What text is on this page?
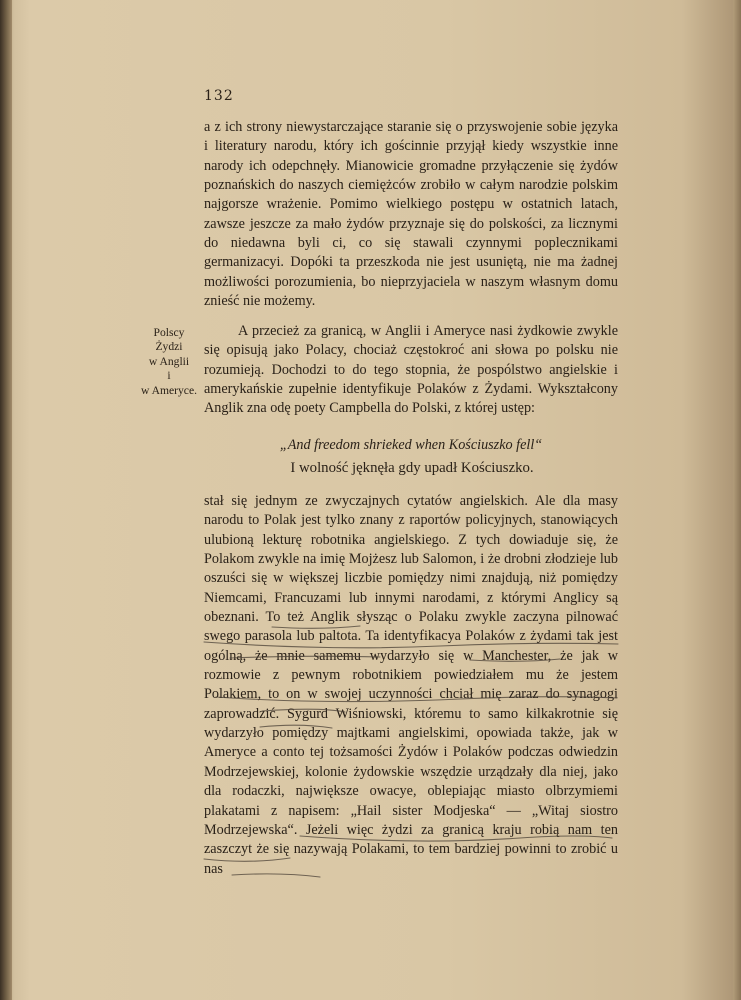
132
Polscy
Żydzi
w Anglii
i
w Ameryce.
a z ich strony niewystarczające staranie się o przyswojenie sobie języka i literatury narodu, który ich gościnnie przyjął kiedy wszystkie inne narody ich odepchnęły. Mianowicie gromadne przyłączenie się żydów poznańskich do naszych ciemiężców zrobiło w całym narodzie polskim najgorsze wrażenie. Pomimo wielkiego postępu w ostatnich latach, zawsze jeszcze za mało żydów przyznaje się do polskości, za licznymi do niedawna byli ci, co się stawali czynnymi poplecznikami germanizacyi. Dopóki ta przeszkoda nie jest usuniętą, nie ma żadnej możliwości porozumienia, bo nieprzyjaciela w naszym własnym domu znieść nie możemy.
A przecież za granicą, w Anglii i Ameryce nasi żydkowie zwykle się opisują jako Polacy, chociaż częstokroć ani słowa po polsku nie rozumieją. Dochodzi to do tego stopnia, że pospólstwo angielskie i amerykańskie zupełnie identyfikuje Polaków z Żydami. Wykształcony Anglik zna odę poety Campbella do Polski, z której ustęp:
„And freedom shrieked when Kościuszko fell“
I wolność jęknęła gdy upadł Kościuszko.
stał się jednym ze zwyczajnych cytatów angielskich. Ale dla masy narodu to Polak jest tylko znany z raportów policyjnych, stanowiących ulubioną lekturę robotnika angielskiego. Z tych dowiaduje się, że Polakom zwykle na imię Mojżesz lub Salomon, i że drobni złodzieje lub oszuści się w większej liczbie pomiędzy nimi znajdują, niż pomiędzy Niemcami, Francuzami lub innymi narodami, z którymi Anglicy są obeznani. To też Anglik słysząc o Polaku zwykle zaczyna pilnować swego parasola lub paltota. Ta identyfikacya Polaków z żydami tak jest ogólną, że mnie samemu wydarzyło się w Manchester, że jak w rozmowie z pewnym robotnikiem powiedziałem mu że jestem Polakiem, to on w swojej uczynności chciał mię zaraz do synagogi zaprowadzić. Sygurd Wiśniowski, któremu to samo kilkakrotnie się wydarzyło pomiędzy majtkami angielskimi, opowiada także, jak w Ameryce a conto tej tożsamości Żydów i Polaków podczas odwiedzin Modrzejewskiej, kolonie żydowskie wszędzie urządzały dla niej, jako dla rodaczki, największe owacye, oblepiając miasto olbrzymiemi plakatami z napisem: „Hail sister Modjeska“ — „Witaj siostro Modrzejewska“. Jeżeli więc żydzi za granicą kraju robią nam ten zaszczyt że się nazywają Polakami, to tem bardziej powinni to zrobić u nas
